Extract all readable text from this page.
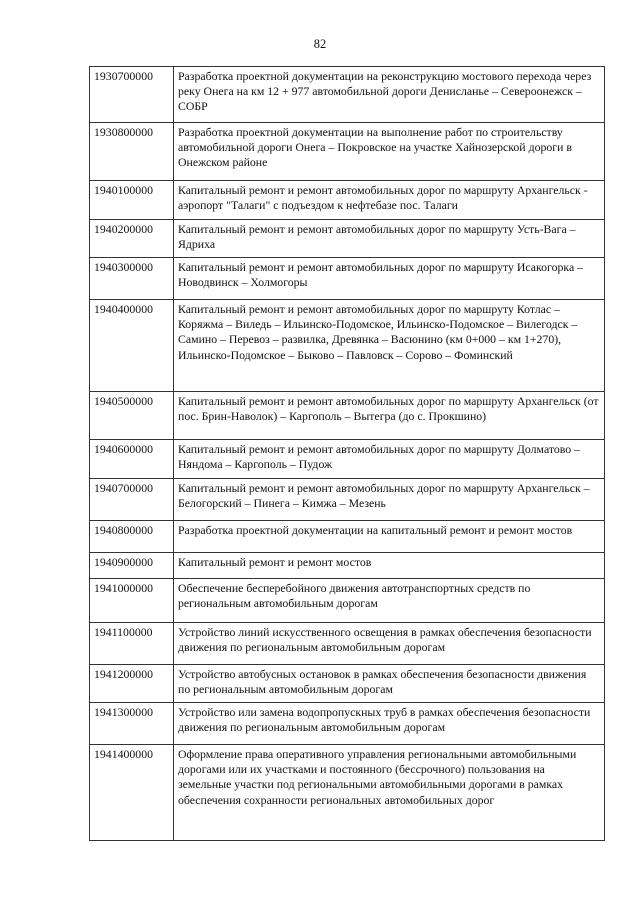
82
1930700000	Разработка проектной документации на реконструкцию мостового перехода через реку Онега на км 12 + 977 автомобильной дороги Денисланье – Североонежск – СОБР
1930800000	Разработка проектной документации на выполнение работ по строительству автомобильной дороги Онега – Покровское на участке Хайнозерской дороги в Онежском районе
1940100000	Капитальный ремонт и ремонт автомобильных дорог по маршруту Архангельск - аэропорт "Талаги" с подъездом к нефтебазе пос. Талаги
1940200000	Капитальный ремонт и ремонт автомобильных дорог по маршруту Усть-Вага – Ядриха
1940300000	Капитальный ремонт и ремонт автомобильных дорог по маршруту Исакогорка – Новодвинск – Холмогоры
1940400000	Капитальный ремонт и ремонт автомобильных дорог по маршруту Котлас – Коряжма – Виледь – Ильинско-Подомское, Ильинско-Подомское – Вилегодск – Самино – Перевоз – развилка, Древянка – Васюнино (км 0+000 – км 1+270), Ильинско-Подомское – Быково – Павловск – Сорово – Фоминский
1940500000	Капитальный ремонт и ремонт автомобильных дорог по маршруту Архангельск (от пос. Брин-Наволок) – Каргополь – Вытегра (до с. Прокшино)
1940600000	Капитальный ремонт и ремонт автомобильных дорог по маршруту Долматово – Няндома – Каргополь – Пудож
1940700000	Капитальный ремонт и ремонт автомобильных дорог по маршруту Архангельск – Белогорский – Пинега – Кимжа – Мезень
1940800000	Разработка проектной документации на капитальный ремонт и ремонт мостов
1940900000	Капитальный ремонт и ремонт мостов
1941000000	Обеспечение бесперебойного движения автотранспортных средств по региональным автомобильным дорогам
1941100000	Устройство линий искусственного освещения в рамках обеспечения безопасности движения по региональным автомобильным дорогам
1941200000	Устройство автобусных остановок в рамках обеспечения безопасности движения по региональным автомобильным дорогам
1941300000	Устройство или замена водопропускных труб в рамках обеспечения безопасности движения по региональным автомобильным дорогам
1941400000	Оформление права оперативного управления региональными автомобильными дорогами или их участками и постоянного (бессрочного) пользования на земельные участки под региональными автомобильными дорогами в рамках обеспечения сохранности региональных автомобильных дорог
